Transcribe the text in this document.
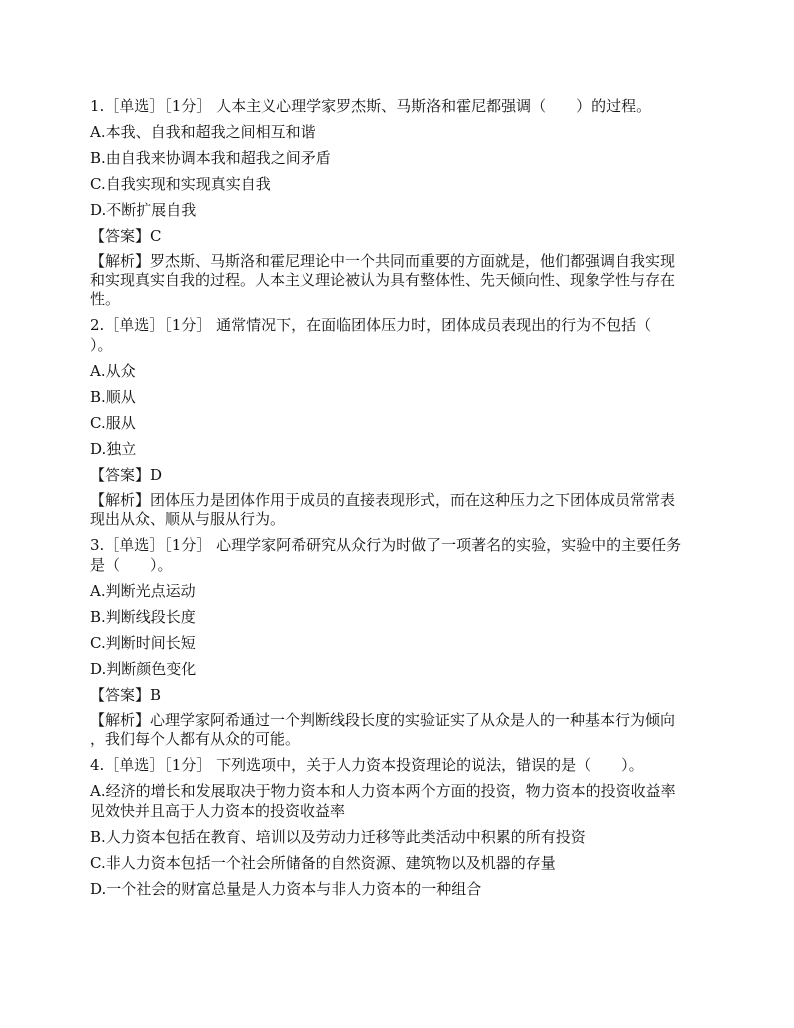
1.［单选］［1分］ 人本主义心理学家罗杰斯、马斯洛和霍尼都强调（　　）的过程。
A.本我、自我和超我之间相互和谐
B.由自我来协调本我和超我之间矛盾
C.自我实现和实现真实自我
D.不断扩展自我
【答案】C
【解析】罗杰斯、马斯洛和霍尼理论中一个共同而重要的方面就是，他们都强调自我实现
和实现真实自我的过程。人本主义理论被认为具有整体性、先天倾向性、现象学性与存在
性。
2.［单选］［1分］ 通常情况下，在面临团体压力时，团体成员表现出的行为不包括（
）。
A.从众
B.顺从
C.服从
D.独立
【答案】D
【解析】团体压力是团体作用于成员的直接表现形式，而在这种压力之下团体成员常常表
现出从众、顺从与服从行为。
3.［单选］［1分］ 心理学家阿希研究从众行为时做了一项著名的实验，实验中的主要任务
是（　　）。
A.判断光点运动
B.判断线段长度
C.判断时间长短
D.判断颜色变化
【答案】B
【解析】心理学家阿希通过一个判断线段长度的实验证实了从众是人的一种基本行为倾向
，我们每个人都有从众的可能。
4.［单选］［1分］ 下列选项中，关于人力资本投资理论的说法，错误的是（　　）。
A.经济的增长和发展取决于物力资本和人力资本两个方面的投资，物力资本的投资收益率
见效快并且高于人力资本的投资收益率
B.人力资本包括在教育、培训以及劳动力迁移等此类活动中积累的所有投资
C.非人力资本包括一个社会所储备的自然资源、建筑物以及机器的存量
D.一个社会的财富总量是人力资本与非人力资本的一种组合
